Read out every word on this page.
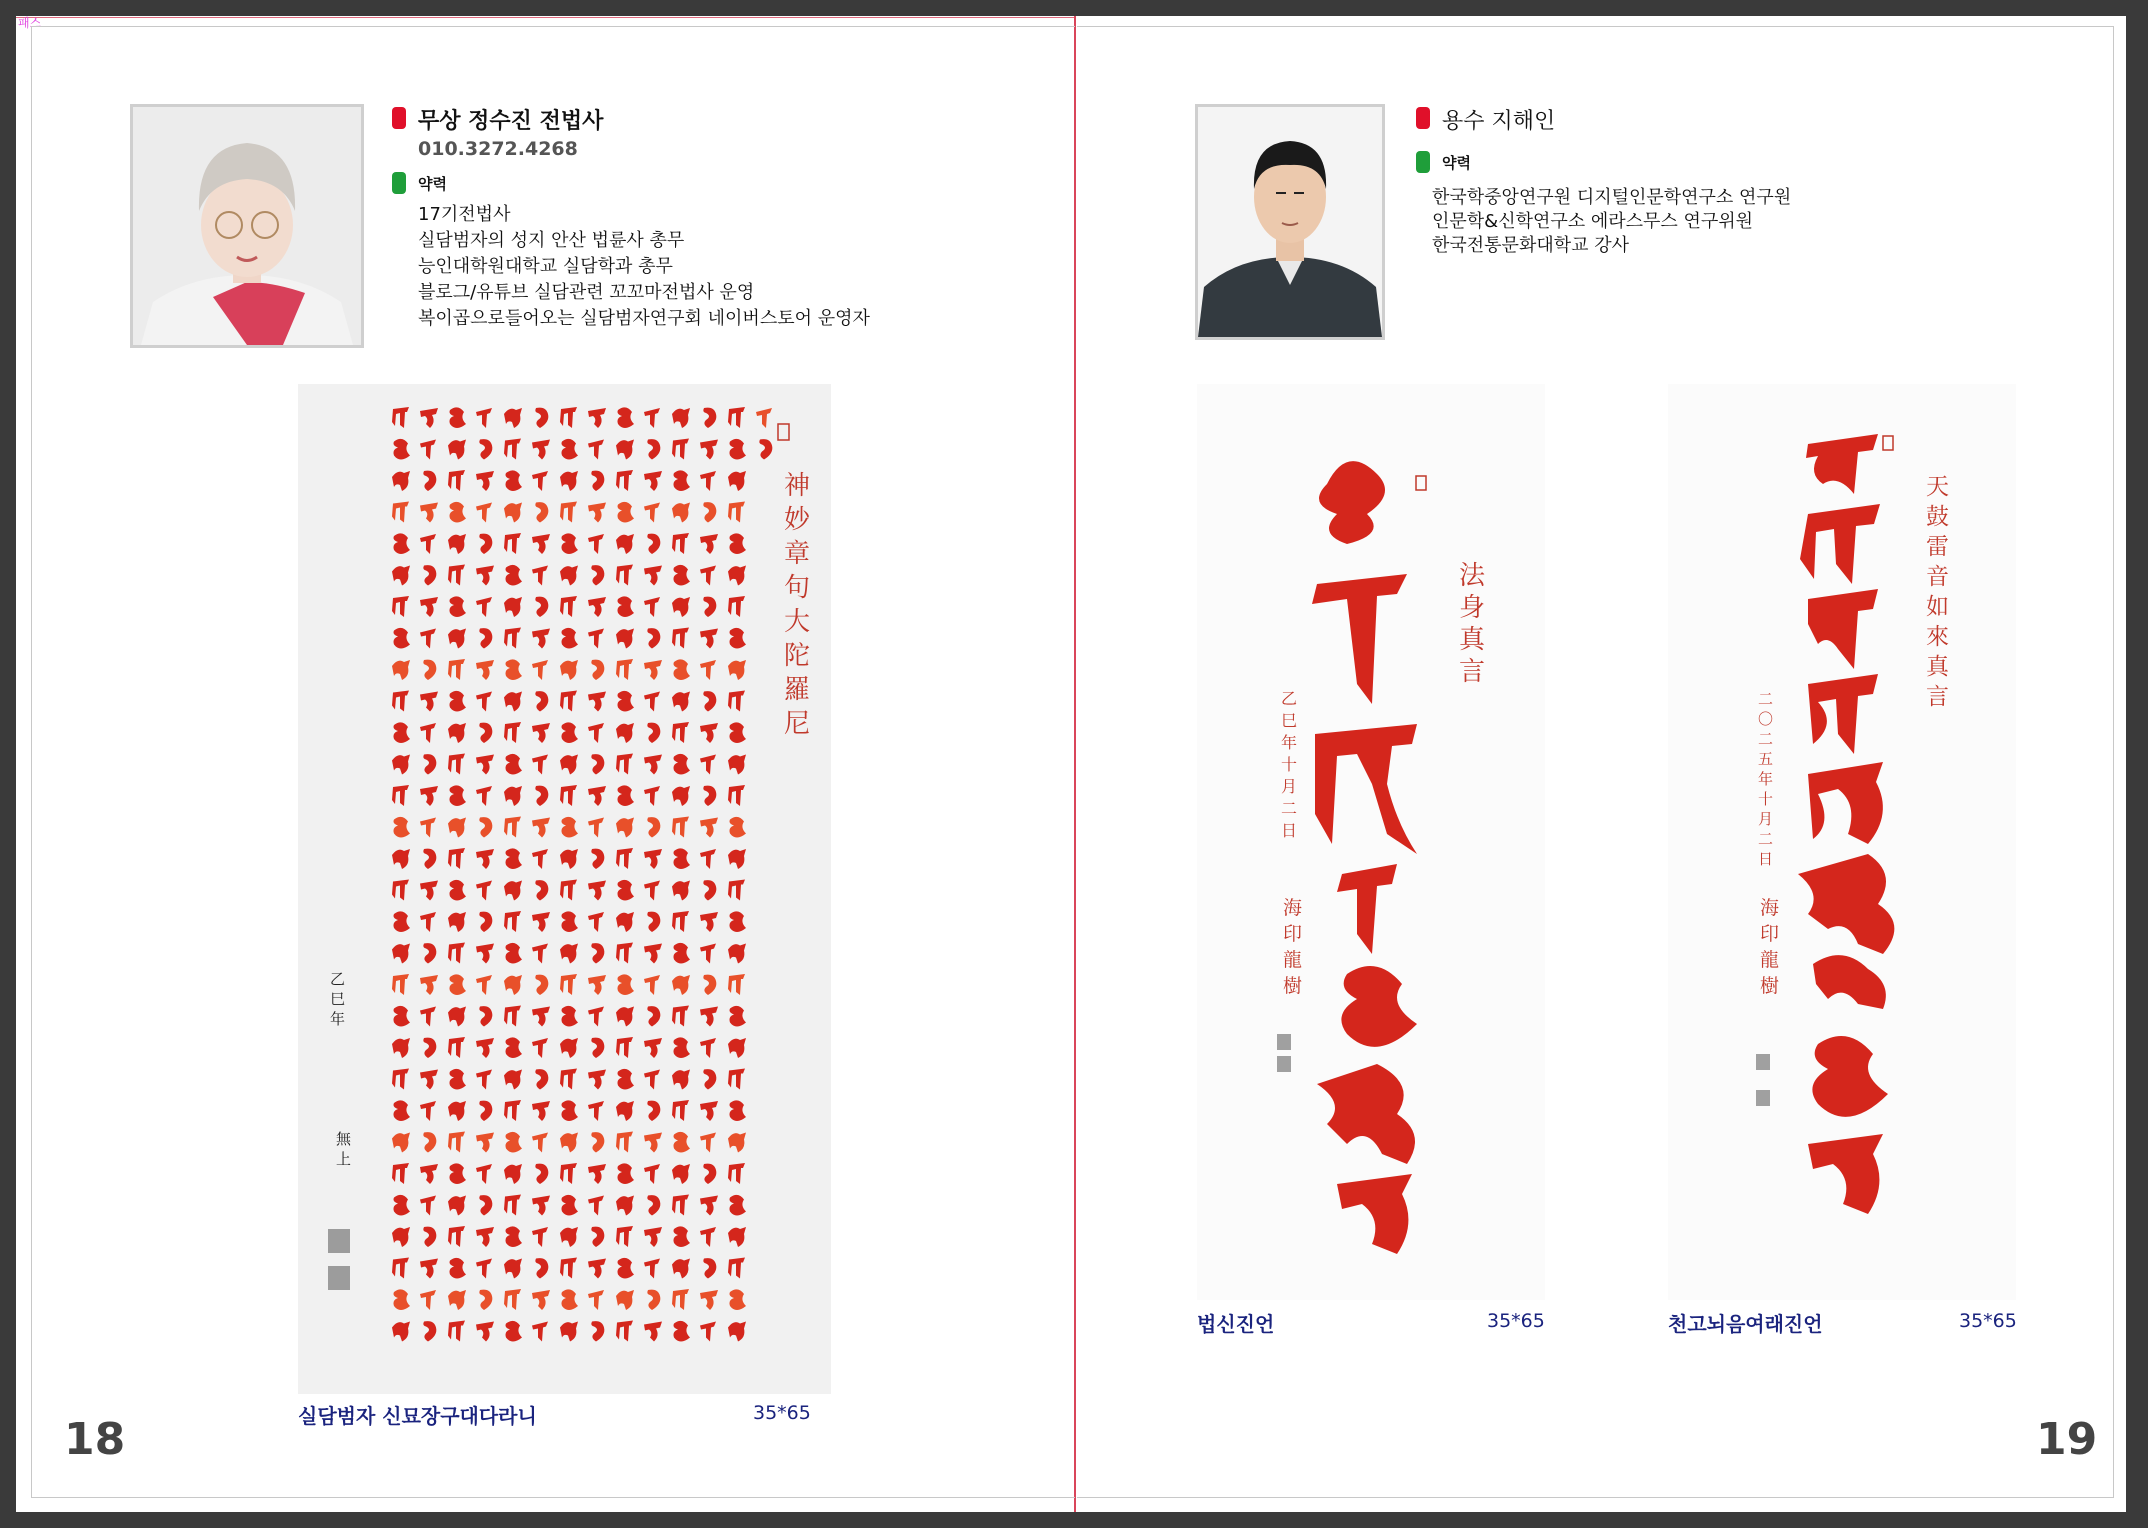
패스
무상 정수진 전법사
010.3272.4268
약력
17기전법사
실담범자의 성지 안산 법륜사 총무
능인대학원대학교 실담학과 총무
블로그/유튜브 실담관련 꼬꼬마전법사 운영
복이곱으로들어오는 실담범자연구회 네이버스토어 운영자
神妙章句大陀羅尼
乙巳年
無上
실담범자 신묘장구대다라니	35*65
18
용수 지해인
약력
한국학중앙연구원 디지털인문학연구소 연구원
인문학&신학연구소 에라스무스 연구위원
한국전통문화대학교 강사
法身真言
乙巳年十月二日
海印龍樹
법신진언	35*65
天鼓雷音如來真言
二〇二五年十月二日
海印龍樹
천고뇌음여래진언	35*65
19
